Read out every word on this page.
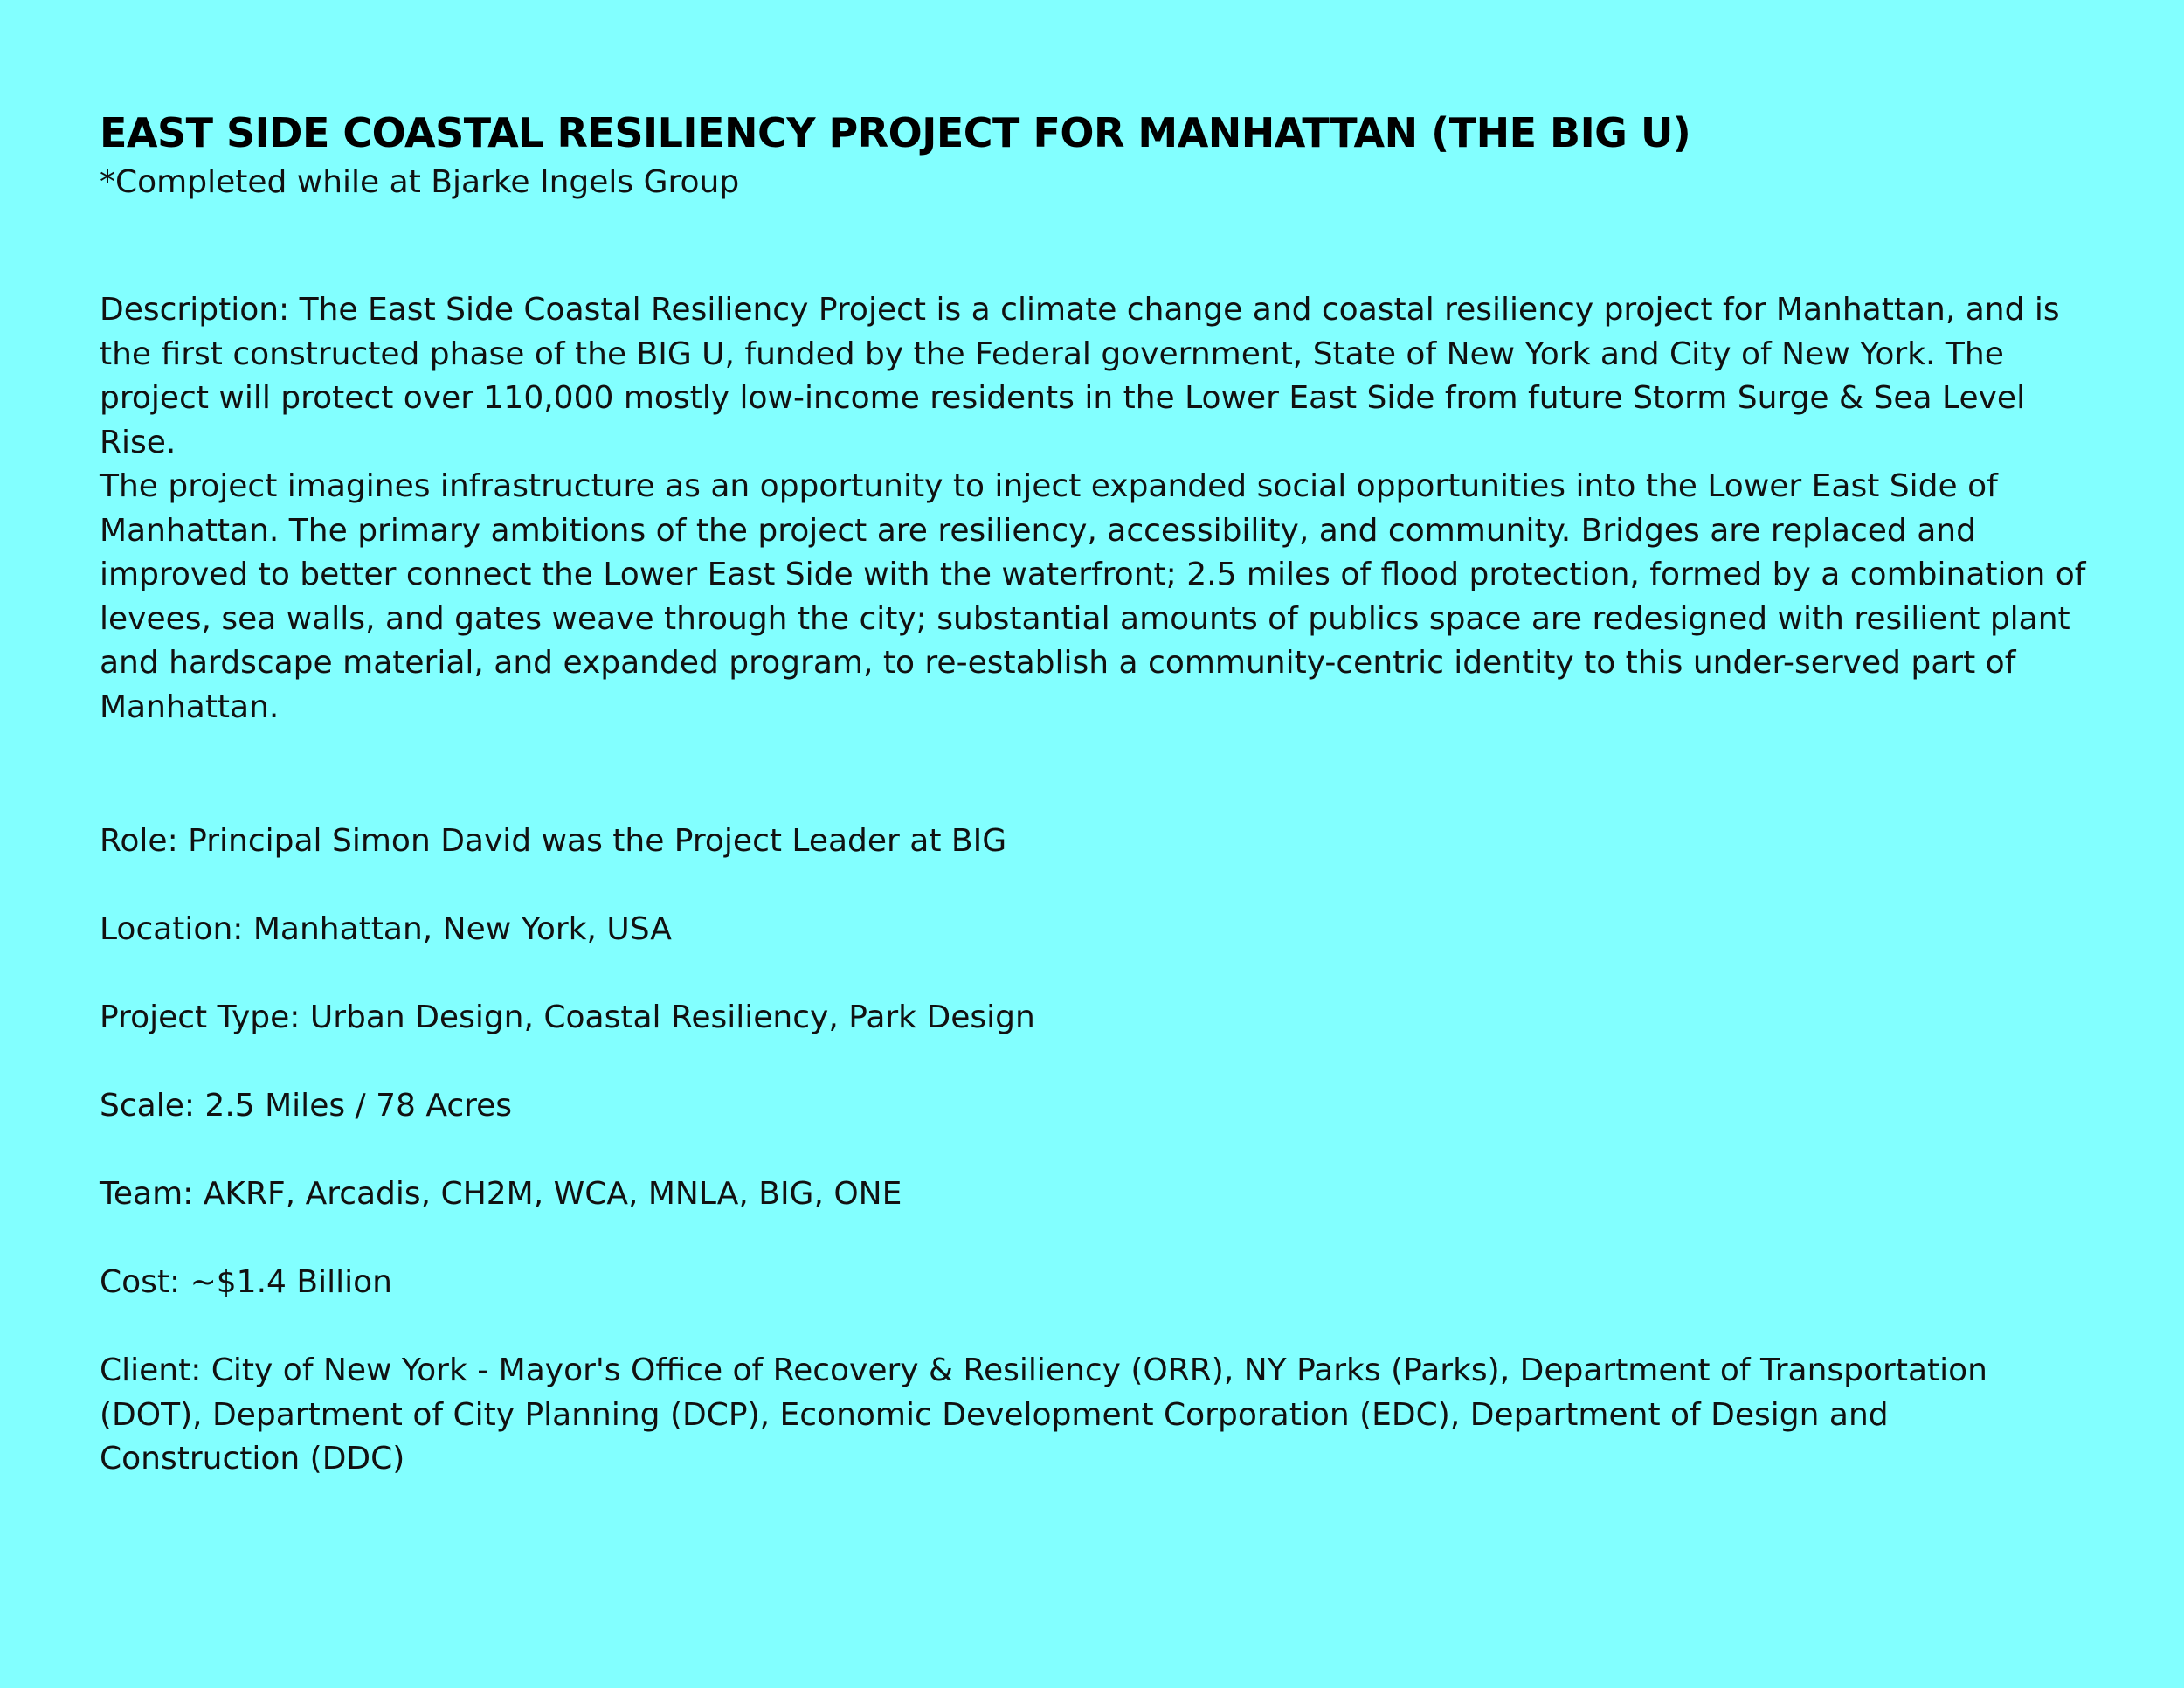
EAST SIDE COASTAL RESILIENCY PROJECT FOR MANHATTAN (THE BIG U)

*Completed while at Bjarke Ingels Group

Description: The East Side Coastal Resiliency Project is a climate change and coastal resiliency project for Manhattan, and is the first constructed phase of the BIG U, funded by the Federal government, State of New York and City of New York. The project will protect over 110,000 mostly low-income residents in the Lower East Side from future Storm Surge & Sea Level Rise.

The project imagines infrastructure as an opportunity to inject expanded social opportunities into the Lower East Side of Manhattan. The primary ambitions of the project are resiliency, accessibility, and community. Bridges are replaced and improved to better connect the Lower East Side with the waterfront; 2.5 miles of flood protection, formed by a combination of levees, sea walls, and gates weave through the city; substantial amounts of publics space are redesigned with resilient plant and hardscape material, and expanded program, to re-establish a community-centric identity to this under-served part of Manhattan.

Role: Principal Simon David was the Project Leader at BIG

Location: Manhattan, New York, USA

Project Type: Urban Design, Coastal Resiliency, Park Design

Scale: 2.5 Miles / 78 Acres

Team: AKRF, Arcadis, CH2M, WCA, MNLA, BIG, ONE

Cost: ~$1.4 Billion

Client: City of New York - Mayor's Office of Recovery & Resiliency (ORR), NY Parks (Parks), Department of Transportation (DOT), Department of City Planning (DCP), Economic Development Corporation (EDC), Department of Design and Construction (DDC)
